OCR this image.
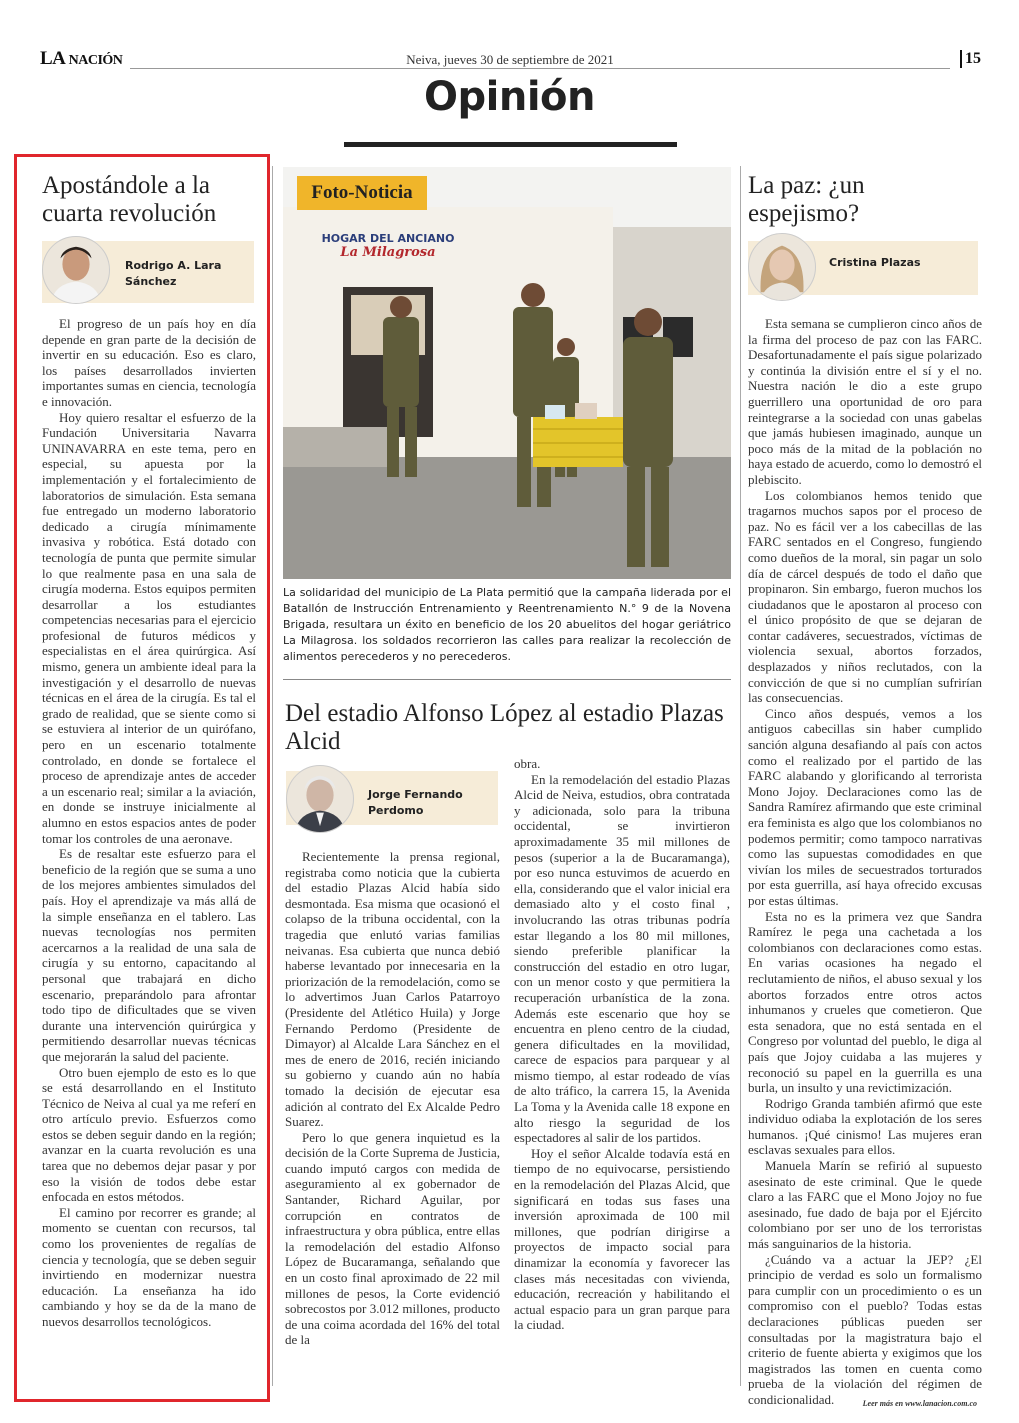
LA NACIÓN	Neiva, jueves 30 de septiembre de 2021	15
Opinión
Apostándole a la cuarta revolución
Rodrigo A. Lara Sánchez

El progreso de un país hoy en día depende en gran parte de la decisión de invertir en su educación. Eso es claro, los países desarrollados invierten importantes sumas en ciencia, tecnología e innovación.

Hoy quiero resaltar el esfuerzo de la Fundación Universitaria Navarra UNINAVARRA en este tema, pero en especial, su apuesta por la implementación y el fortalecimiento de laboratorios de simulación. Esta semana fue entregado un moderno laboratorio dedicado a cirugía mínimamente invasiva y robótica. Está dotado con tecnología de punta que permite simular lo que realmente pasa en una sala de cirugía moderna. Estos equipos permiten desarrollar a los estudiantes competencias necesarias para el ejercicio profesional de futuros médicos y especialistas en el área quirúrgica. Así mismo, genera un ambiente ideal para la investigación y el desarrollo de nuevas técnicas en el área de la cirugía. Es tal el grado de realidad, que se siente como si se estuviera al interior de un quirófano, pero en un escenario totalmente controlado, en donde se fortalece el proceso de aprendizaje antes de acceder a un escenario real; similar a la aviación, en donde se instruye inicialmente al alumno en estos espacios antes de poder tomar los controles de una aeronave.

Es de resaltar este esfuerzo para el beneficio de la región que se suma a uno de los mejores ambientes simulados del país. Hoy el aprendizaje va más allá de la simple enseñanza en el tablero. Las nuevas tecnologías nos permiten acercarnos a la realidad de una sala de cirugía y su entorno, capacitando al personal que trabajará en dicho escenario, preparándolo para afrontar todo tipo de dificultades que se viven durante una intervención quirúrgica y permitiendo desarrollar nuevas técnicas que mejorarán la salud del paciente.

Otro buen ejemplo de esto es lo que se está desarrollando en el Instituto Técnico de Neiva al cual ya me referí en otro artículo previo. Esfuerzos como estos se deben seguir dando en la región; avanzar en la cuarta revolución es una tarea que no debemos dejar pasar y por eso la visión de todos debe estar enfocada en estos métodos.

El camino por recorrer es grande; al momento se cuentan con recursos, tal como los provenientes de regalías de ciencia y tecnología, que se deben seguir invirtiendo en modernizar nuestra educación. La enseñanza ha ido cambiando y hoy se da de la mano de nuevos desarrollos tecnológicos.

Foto-Noticia
HOGAR DEL ANCIANO
La Milagrosa
La solidaridad del municipio de La Plata permitió que la campaña liderada por el Batallón de Instrucción Entrenamiento y Reentrenamiento N.° 9 de la Novena Brigada, resultara un éxito en beneficio de los 20 abuelitos del hogar geriátrico La Milagrosa. los soldados recorrieron las calles para realizar la recolección de alimentos perecederos y no perecederos.
Del estadio Alfonso López al estadio Plazas Alcid
Jorge Fernando Perdomo

Recientemente la prensa regional, registraba como noticia que la cubierta del estadio Plazas Alcid había sido desmontada. Esa misma que ocasionó el colapso de la tribuna occidental, con la tragedia que enlutó varias familias neivanas. Esa cubierta que nunca debió haberse levantado por innecesaria en la priorización de la remodelación, como se lo advertimos Juan Carlos Patarroyo (Presidente del Atlético Huila) y Jorge Fernando Perdomo (Presidente de Dimayor) al Alcalde Lara Sánchez en el mes de enero de 2016, recién iniciando su gobierno y cuando aún no había tomado la decisión de ejecutar esa adición al contrato del Ex Alcalde Pedro Suarez.

Pero lo que genera inquietud es la decisión de la Corte Suprema de Justicia, cuando imputó cargos con medida de aseguramiento al ex gobernador de Santander, Richard Aguilar, por corrupción en contratos de infraestructura y obra pública, entre ellas la remodelación del estadio Alfonso López de Bucaramanga, señalando que en un costo final aproximado de 22 mil millones de pesos, la Corte evidenció sobrecostos por 3.012 millones, producto de una coima acordada del 16% del total de la

obra.

En la remodelación del estadio Plazas Alcid de Neiva, estudios, obra contratada y adicionada, solo para la tribuna occidental, se invirtieron aproximadamente 35 mil millones de pesos (superior a la de Bucaramanga), por eso nunca estuvimos de acuerdo en ella, considerando que el valor inicial era demasiado alto y el costo final , involucrando las otras tribunas podría estar llegando a los 80 mil millones, siendo preferible planificar la construcción del estadio en otro lugar, con un menor costo y que permitiera la recuperación urbanística de la zona. Además este escenario que hoy se encuentra en pleno centro de la ciudad, genera dificultades en la movilidad, carece de espacios para parquear y al mismo tiempo, al estar rodeado de vías de alto tráfico, la carrera 15, la Avenida La Toma y la Avenida calle 18 expone en alto riesgo la seguridad de los espectadores al salir de los partidos.

Hoy el señor Alcalde todavía está en tiempo de no equivocarse, persistiendo en la remodelación del Plazas Alcid, que significará en todas sus fases una inversión aproximada de 100 mil millones, que podrían dirigirse a proyectos de impacto social para dinamizar la economía y favorecer las clases más necesitadas con vivienda, educación, recreación y habilitando el actual espacio para un gran parque para la ciudad.

La paz: ¿un espejismo?
Cristina Plazas

Esta semana se cumplieron cinco años de la firma del proceso de paz con las FARC. Desafortunadamente el país sigue polarizado y continúa la división entre el sí y el no. Nuestra nación le dio a este grupo guerrillero una oportunidad de oro para reintegrarse a la sociedad con unas gabelas que jamás hubiesen imaginado, aunque un poco más de la mitad de la población no haya estado de acuerdo, como lo demostró el plebiscito.

Los colombianos hemos tenido que tragarnos muchos sapos por el proceso de paz. No es fácil ver a los cabecillas de las FARC sentados en el Congreso, fungiendo como dueños de la moral, sin pagar un solo día de cárcel después de todo el daño que propinaron. Sin embargo, fueron muchos los ciudadanos que le apostaron al proceso con el único propósito de que se dejaran de contar cadáveres, secuestrados, víctimas de violencia sexual, abortos forzados, desplazados y niños reclutados, con la convicción de que si no cumplían sufrirían las consecuencias.

Cinco años después, vemos a los antiguos cabecillas sin haber cumplido sanción alguna desafiando al país con actos como el realizado por el partido de las FARC alabando y glorificando al terrorista Mono Jojoy. Declaraciones como las de Sandra Ramírez afirmando que este criminal era feminista es algo que los colombianos no podemos permitir; como tampoco narrativas como las supuestas comodidades en que vivían los miles de secuestrados torturados por esta guerrilla, así haya ofrecido excusas por estas últimas.

Esta no es la primera vez que Sandra Ramírez le pega una cachetada a los colombianos con declaraciones como estas. En varias ocasiones ha negado el reclutamiento de niños, el abuso sexual y los abortos forzados entre otros actos inhumanos y crueles que cometieron. Que esta senadora, que no está sentada en el Congreso por voluntad del pueblo, le diga al país que Jojoy cuidaba a las mujeres y reconoció su papel en la guerrilla es una burla, un insulto y una revictimización.

Rodrigo Granda también afirmó que este individuo odiaba la explotación de los seres humanos. ¡Qué cinismo! Las mujeres eran esclavas sexuales para ellos.

Manuela Marín se refirió al supuesto asesinato de este criminal. Que le quede claro a las FARC que el Mono Jojoy no fue asesinado, fue dado de baja por el Ejército colombiano por ser uno de los terroristas más sanguinarios de la historia.

¿Cuándo va a actuar la JEP? ¿El principio de verdad es solo un formalismo para cumplir con un procedimiento o es un compromiso con el pueblo? Todas estas declaraciones públicas pueden ser consultadas por la magistratura bajo el criterio de fuente abierta y exigimos que los magistrados las tomen en cuenta como prueba de la violación del régimen de condicionalidad.	Leer más en www.lanacion.com.co
